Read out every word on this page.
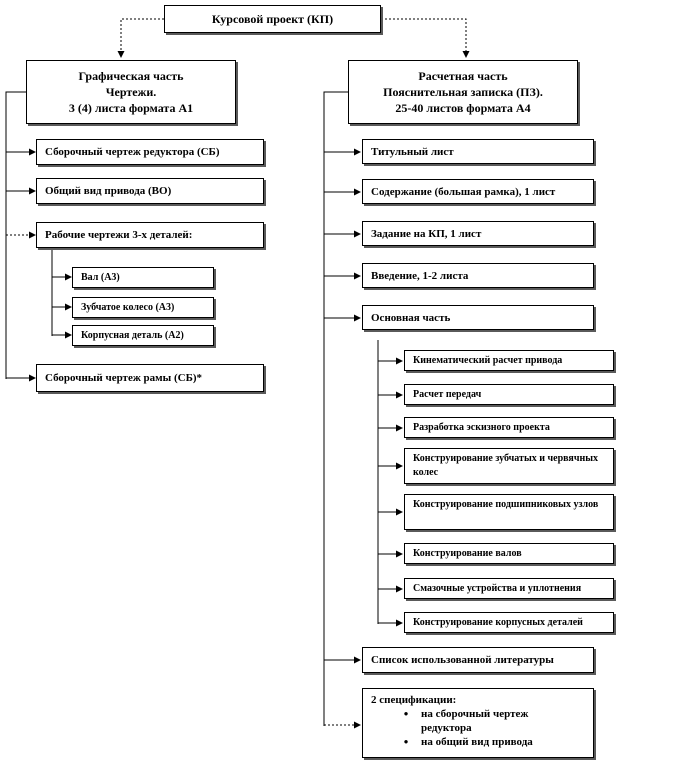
Курсовой проект (КП)
Графическая часть
Чертежи.
3 (4) листа формата А1
Расчетная часть
Пояснительная записка (ПЗ).
25-40 листов формата А4
Сборочный чертеж редуктора (СБ)
Общий вид привода (ВО)
Рабочие чертежи 3-х деталей:
Вал (А3)
Зубчатое колесо (А3)
Корпусная деталь (А2)
Сборочный чертеж рамы (СБ)*
Титульный лист
Содержание (большая рамка), 1 лист
Задание на КП, 1 лист
Введение, 1-2 листа
Основная часть
Кинематический расчет привода
Расчет передач
Разработка эскизного проекта
Конструирование зубчатых и червячных колес
Конструирование подшипниковых узлов
Конструирование валов
Смазочные устройства и уплотнения
Конструирование корпусных деталей
Список использованной литературы
2 спецификации:
●	на сборочный чертеж редуктора
●	на общий вид привода
